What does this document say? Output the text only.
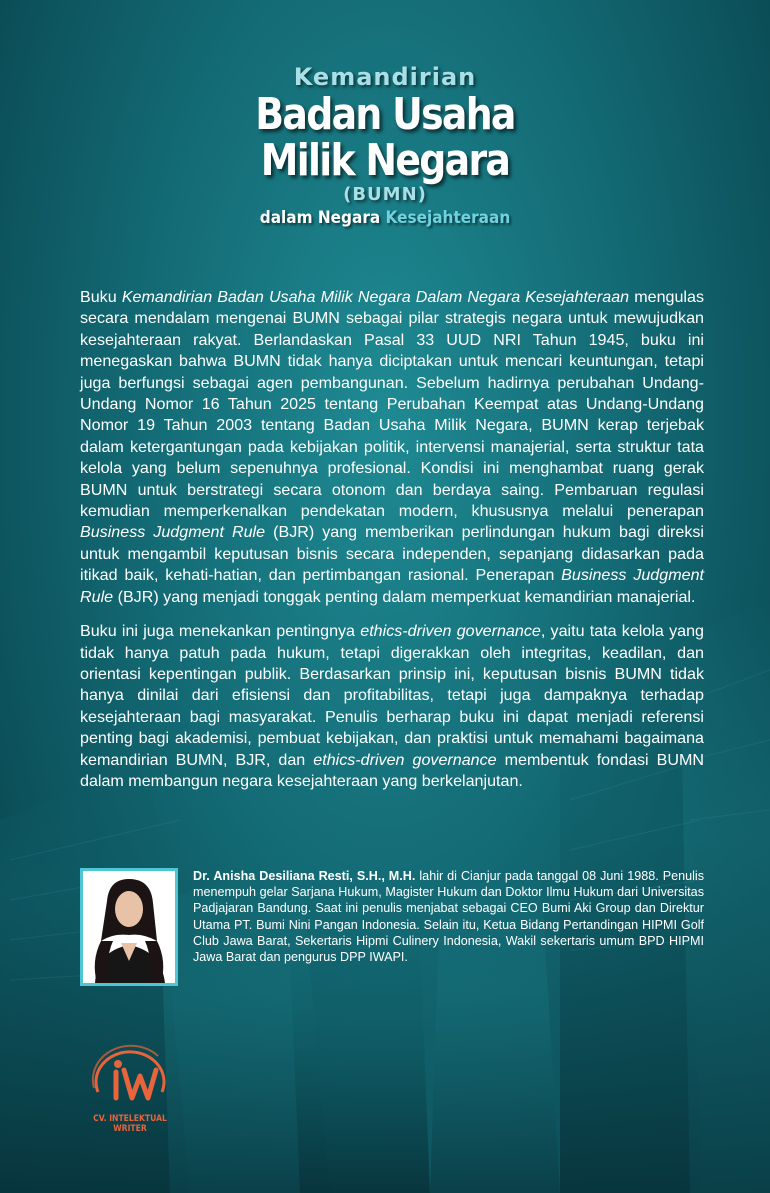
Kemandirian
Badan Usaha
Milik Negara
(BUMN)
dalam Negara Kesejahteraan

Buku Kemandirian Badan Usaha Milik Negara Dalam Negara Kesejahteraan mengulas secara mendalam mengenai BUMN sebagai pilar strategis negara untuk mewujudkan kesejahteraan rakyat. Berlandaskan Pasal 33 UUD NRI Tahun 1945, buku ini menegaskan bahwa BUMN tidak hanya diciptakan untuk mencari keuntungan, tetapi juga berfungsi sebagai agen pembangunan. Sebelum hadirnya perubahan Undang-Undang Nomor 16 Tahun 2025 tentang Perubahan Keempat atas Undang-Undang Nomor 19 Tahun 2003 tentang Badan Usaha Milik Negara, BUMN kerap terjebak dalam ketergantungan pada kebijakan politik, intervensi manajerial, serta struktur tata kelola yang belum sepenuhnya profesional. Kondisi ini menghambat ruang gerak BUMN untuk berstrategi secara otonom dan berdaya saing. Pembaruan regulasi kemudian memperkenalkan pendekatan modern, khususnya melalui penerapan Business Judgment Rule (BJR) yang memberikan perlindungan hukum bagi direksi untuk mengambil keputusan bisnis secara independen, sepanjang didasarkan pada itikad baik, kehati-hatian, dan pertimbangan rasional. Penerapan Business Judgment Rule (BJR) yang menjadi tonggak penting dalam memperkuat kemandirian manajerial.

Buku ini juga menekankan pentingnya ethics-driven governance, yaitu tata kelola yang tidak hanya patuh pada hukum, tetapi digerakkan oleh integritas, keadilan, dan orientasi kepentingan publik. Berdasarkan prinsip ini, keputusan bisnis BUMN tidak hanya dinilai dari efisiensi dan profitabilitas, tetapi juga dampaknya terhadap kesejahteraan bagi masyarakat. Penulis berharap buku ini dapat menjadi referensi penting bagi akademisi, pembuat kebijakan, dan praktisi untuk memahami bagaimana kemandirian BUMN, BJR, dan ethics-driven governance membentuk fondasi BUMN dalam membangun negara kesejahteraan yang berkelanjutan.

Dr. Anisha Desiliana Resti, S.H., M.H. lahir di Cianjur pada tanggal 08 Juni 1988. Penulis menempuh gelar Sarjana Hukum, Magister Hukum dan Doktor Ilmu Hukum dari Universitas Padjajaran Bandung. Saat ini penulis menjabat sebagai CEO Bumi Aki Group dan Direktur Utama PT. Bumi Nini Pangan Indonesia. Selain itu, Ketua Bidang Pertandingan HIPMI Golf Club Jawa Barat, Sekertaris Hipmi Culinery Indonesia, Wakil sekertaris umum BPD HIPMI Jawa Barat dan pengurus DPP IWAPI.

CV. INTELEKTUAL WRITER
